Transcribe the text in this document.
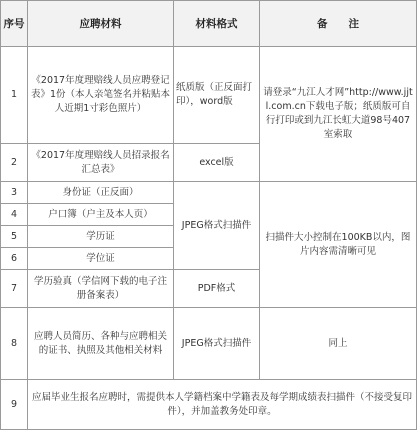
序号	应聘材料	材料格式	备　　注
1	《2017年度理赔线人员应聘登记表》1份（本人亲笔签名并粘贴本人近期1寸彩色照片）	纸质版（正反面打印），word版	请登录“九江人才网”http://www.jjtl.com.cn下载电子版；纸质版可自行打印或到九江长虹大道98号407室索取
2	《2017年度理赔线人员招录报名汇总表》	excel版	
3	身份证（正反面）	JPEG格式扫描件	扫描件大小控制在100KB以内，图片内容需清晰可见
4	户口簿（户主及本人页）		
5	学历证		
6	学位证		
7	学历验真（学信网下载的电子注册备案表）	PDF格式	
8	应聘人员简历、各种与应聘相关的证书、执照及其他相关材料	JPEG格式扫描件	同上
9	应届毕业生报名应聘时，需提供本人学籍档案中学籍表及每学期成绩表扫描件（不接受复印件），并加盖教务处印章。		
